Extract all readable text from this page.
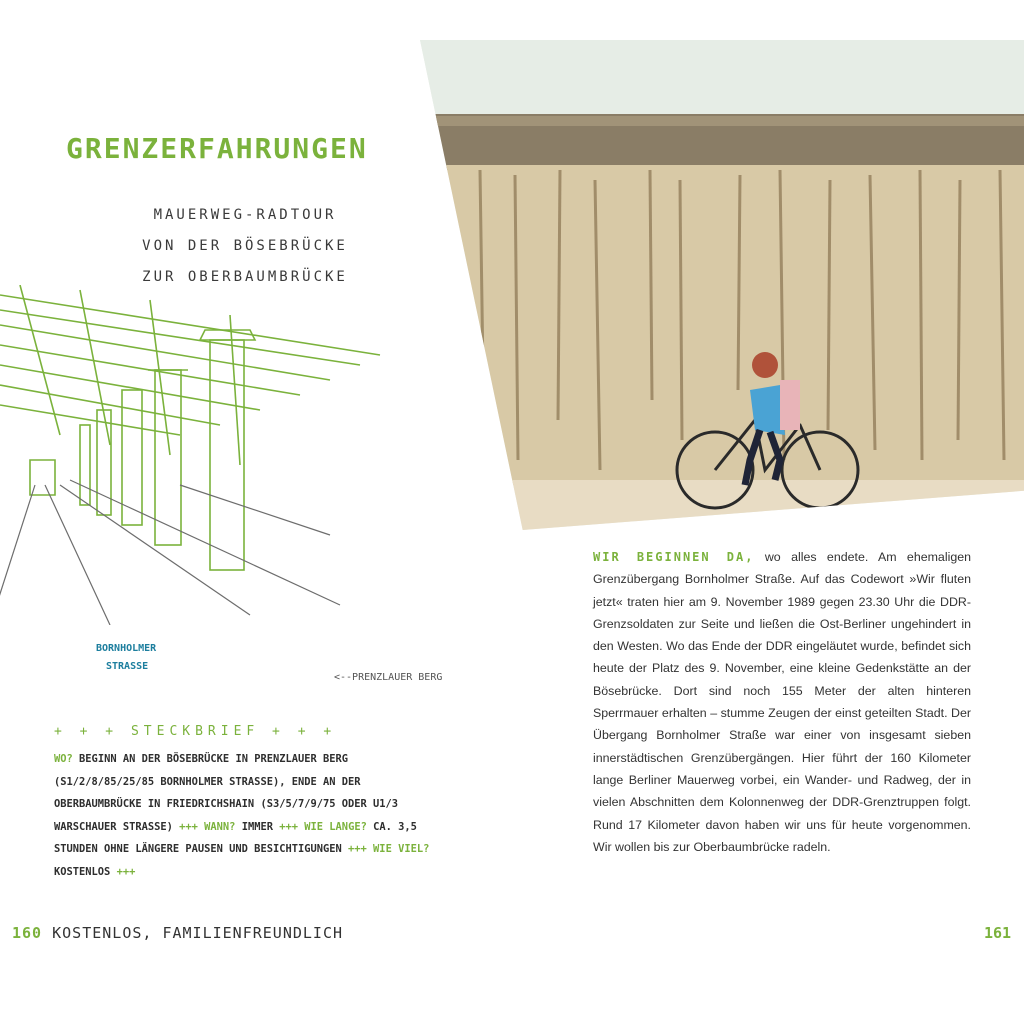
GRENZERFAHRUNGEN
MAUERWEG-RADTOUR
VON DER BÖSEBRÜCKE
ZUR OBERBAUMBRÜCKE
BORNHOLMER
STRASSE
<--PRENZLAUER BERG
+ + + STECKBRIEF + + +
WO? BEGINN AN DER BÖSEBRÜCKE IN PRENZLAUER BERG (S1/2/8/85/25/85 BORNHOLMER STRASSE), ENDE AN DER OBERBAUMBRÜCKE IN FRIEDRICHSHAIN (S3/5/7/9/75 ODER U1/3 WARSCHAUER STRASSE) +++ WANN? IMMER +++ WIE LANGE? CA. 3,5 STUNDEN OHNE LÄNGERE PAUSEN UND BESICHTIGUNGEN +++ WIE VIEL? KOSTENLOS +++
160 KOSTENLOS, FAMILIENFREUNDLICH
WIR BEGINNEN DA, wo alles endete. Am ehemaligen Grenzübergang Bornholmer Straße. Auf das Codewort »Wir fluten jetzt« traten hier am 9. November 1989 gegen 23.30 Uhr die DDR-Grenzsoldaten zur Seite und ließen die Ost-Berliner ungehindert in den Westen. Wo das Ende der DDR eingeläutet wurde, befindet sich heute der Platz des 9. November, eine kleine Gedenkstätte an der Bösebrücke. Dort sind noch 155 Meter der alten hinteren Sperrmauer erhalten – stumme Zeugen der einst geteilten Stadt. Der Übergang Bornholmer Straße war einer von insgesamt sieben innerstädtischen Grenzübergängen. Hier führt der 160 Kilometer lange Berliner Mauerweg vorbei, ein Wander- und Radweg, der in vielen Abschnitten dem Kolonnenweg der DDR-Grenztruppen folgt. Rund 17 Kilometer davon haben wir uns für heute vorgenommen. Wir wollen bis zur Oberbaumbrücke radeln.
161
